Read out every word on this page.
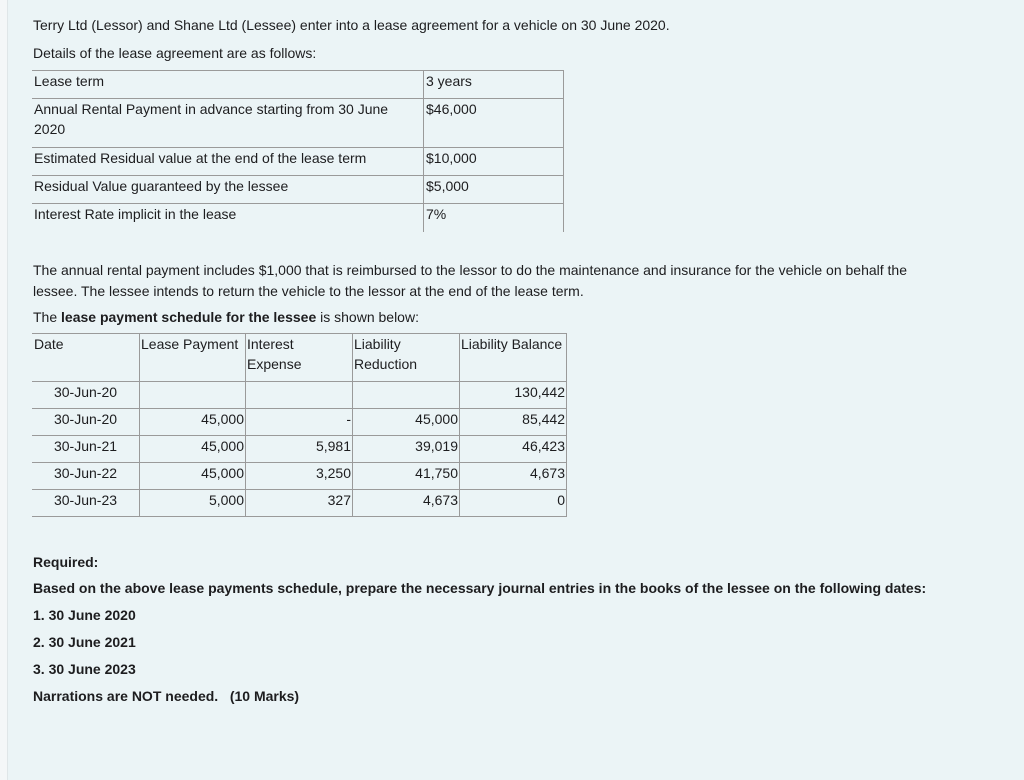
Terry Ltd (Lessor) and Shane Ltd (Lessee) enter into a lease agreement for a vehicle on 30 June 2020.
Details of the lease agreement are as follows:
Lease term	3 years
Annual Rental Payment in advance starting from 30 June 2020	$46,000
Estimated Residual value at the end of the lease term	$10,000
Residual Value guaranteed by the lessee	$5,000
Interest Rate implicit in the lease	7%
The annual rental payment includes $1,000 that is reimbursed to the lessor to do the maintenance and insurance for the vehicle on behalf the
lessee. The lessee intends to return the vehicle to the lessor at the end of the lease term.
The lease payment schedule for the lessee is shown below:
Date	Lease Payment	Interest Expense	Liability Reduction	Liability Balance
30-Jun-20				130,442
30-Jun-20	45,000	-	45,000	85,442
30-Jun-21	45,000	5,981	39,019	46,423
30-Jun-22	45,000	3,250	41,750	4,673
30-Jun-23	5,000	327	4,673	0
Required:
Based on the above lease payments schedule, prepare the necessary journal entries in the books of the lessee on the following dates:
1. 30 June 2020
2. 30 June 2021
3. 30 June 2023
Narrations are NOT needed. (10 Marks)
